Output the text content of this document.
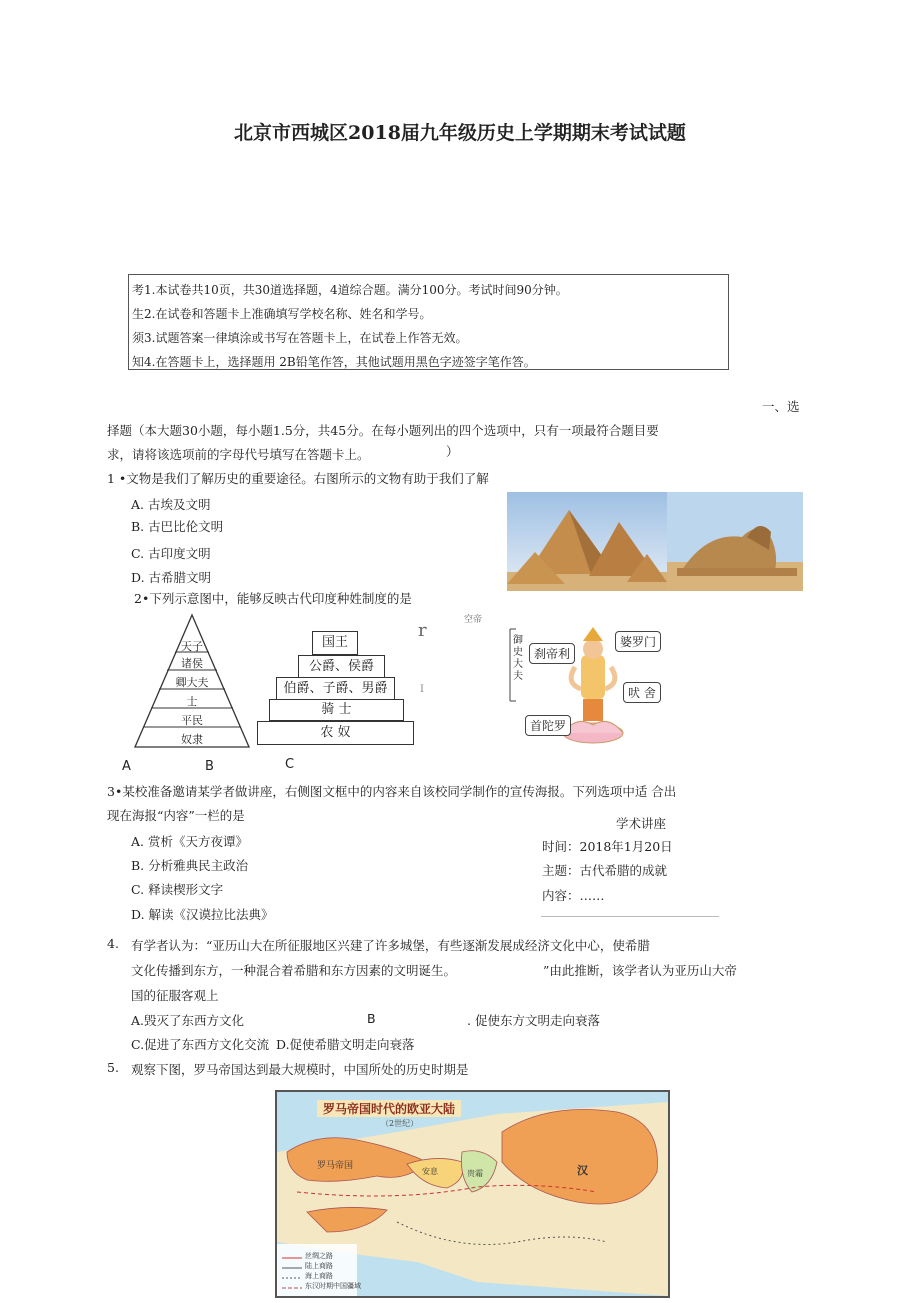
北京市西城区2018届九年级历史上学期期末考试试题
考1.本试卷共10页，共30道选择题，4道综合题。满分100分。考试时间90分钟。
生2.在试卷和答题卡上准确填写学校名称、姓名和学号。
须3.试题答案一律填涂或书写在答题卡上，在试卷上作答无效。
知4.在答题卡上，选择题用 2B铅笔作答，其他试题用黑色字迹签字笔作答。
一、选
择题（本大题30小题，每小题1.5分，共45分。在每小题列出的四个选项中，只有一项最符合题目要
求，请将该选项前的字母代号填写在答题卡上。	）
1 •文物是我们了解历史的重要途径。右图所示的文物有助于我们了解
A. 古埃及文明
B. 古巴比伦文明
C. 古印度文明
D. 古希腊文明
2•下列示意图中，能够反映古代印度种姓制度的是
天子
诸侯
卿大夫
士
平民
奴隶
国王
公爵、侯爵
伯爵、子爵、男爵
骑 士
农 奴
r	空帝
I
御史大夫
刹帝利
婆罗门
吠 舍
首陀罗
A	B	C
3•某校准备邀请某学者做讲座，右侧图文框中的内容来自该校同学制作的宣传海报。下列选项中适 合出
现在海报“内容”一栏的是
A. 赏析《天方夜谭》
B. 分析雅典民主政治
C. 释读楔形文字
D. 解读《汉谟拉比法典》
学术讲座
时间：2018年1月20日
主题：古代希腊的成就
内容：……
4. 有学者认为：“亚历山大在所征服地区兴建了许多城堡，有些逐渐发展成经济文化中心，使希腊
文化传播到东方，一种混合着希腊和东方因素的文明诞生。	”由此推断，该学者认为亚历山大帝
国的征服客观上
A.毁灭了东西方文化	B	. 促使东方文明走向衰落
C.促进了东西方文化交流 D.促使希腊文明走向衰落
5. 观察下图，罗马帝国达到最大规模时，中国所处的历史时期是
罗马帝国时代的欧亚大陆
（2世纪）
罗马帝国
安息	贵霜	汉
丝绸之路
陆上商路
海上商路
东汉时期中国疆域
